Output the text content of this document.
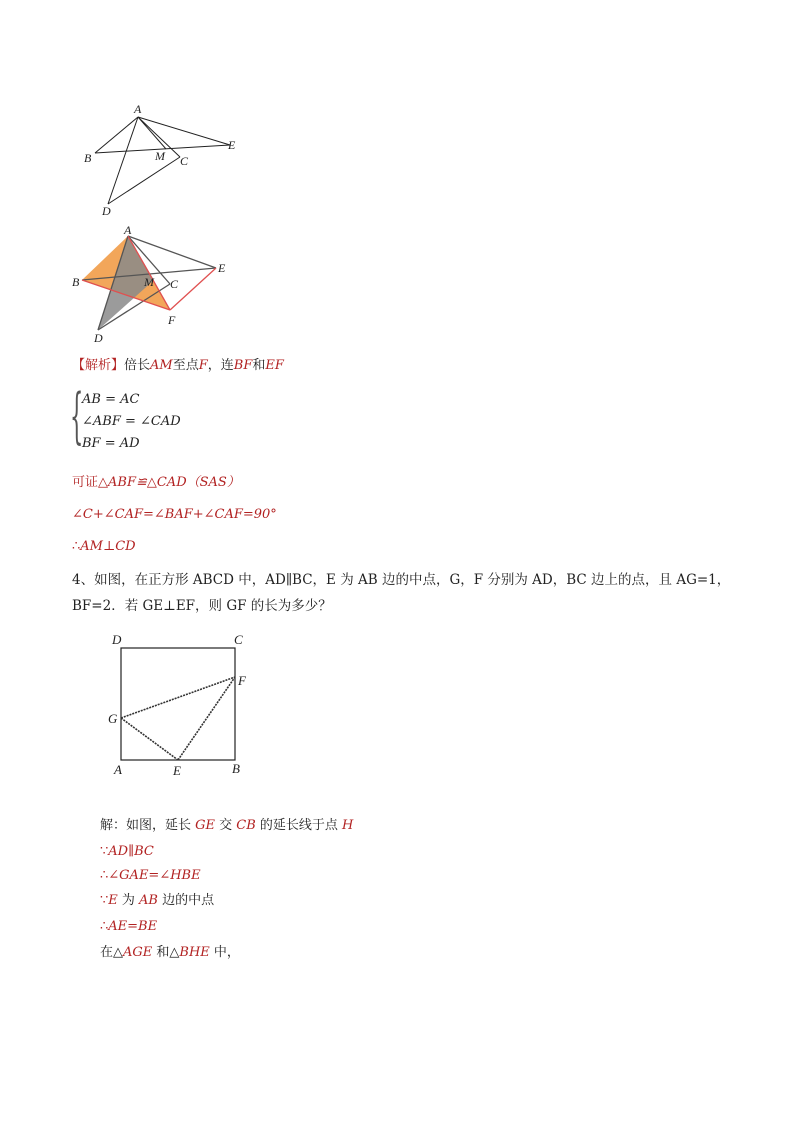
A
B	M C
E
D
A
B	M C
E
F
D
【解析】倍长AM至点F，连BF和EF
{
AB = AC
∠ABF = ∠CAD
BF = AD
可证△ABF≌△CAD（SAS）
∠C+∠CAF=∠BAF+∠CAF=90°
∴AM⊥CD
4、如图，在正方形 ABCD 中，AD∥BC，E 为 AB 边的中点，G，F 分别为 AD，BC 边上的点，且 AG=1，
BF=2．若 GE⊥EF，则 GF 的长为多少？
D	C
F
G
A	E	B
解：如图，延长 GE 交 CB 的延长线于点 H
∵AD∥BC
∴∠GAE=∠HBE
∵E 为 AB 边的中点
∴AE=BE
在△AGE 和△BHE 中，
